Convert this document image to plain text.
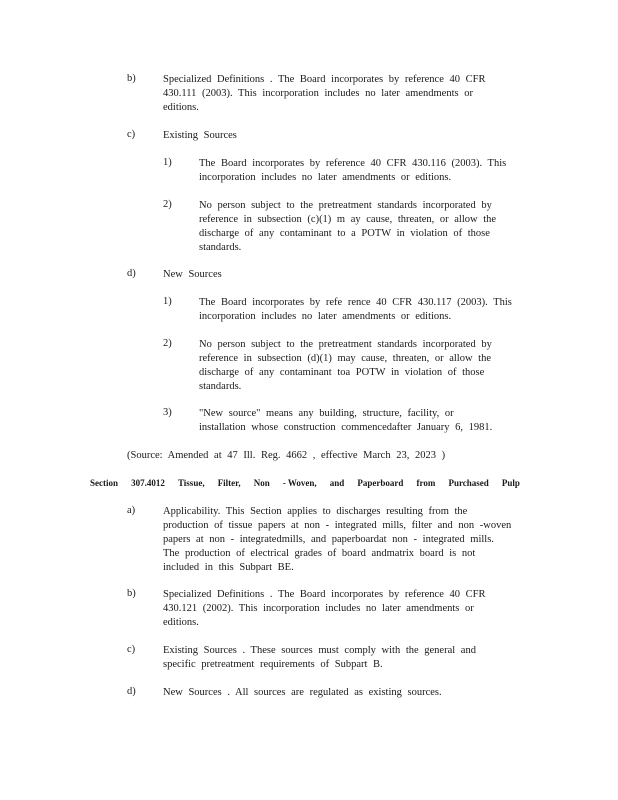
b)	Specialized Definitions . The Board incorporates by reference 40 CFR
430.111 (2003). This incorporation includes no later amendments or
editions.
c)	Existing Sources
1)	The Board incorporates by reference 40 CFR 430.116 (2003). This
incorporation includes no later amendments or editions.
2)	No person subject to the pretreatment standards incorporated by
reference in subsection (c)(1) m ay cause, threaten, or allow the
discharge of any contaminant to a POTW in violation of those
standards.
d)	New Sources
1)	The Board incorporates by refe rence 40 CFR 430.117 (2003). This
incorporation includes no later amendments or editions.
2)	No person subject to the pretreatment standards incorporated by
reference in subsection (d)(1) may cause, threaten, or allow the
discharge of any contaminant toa POTW in violation of those
standards.
3)	"New source" means any building, structure, facility, or
installation whose construction commencedafter January 6, 1981.
(Source: Amended at 47 Ill. Reg. 4662 , effective March 23, 2023 )
Section 307.4012 Tissue, Filter, Non - Woven, and Paperboard from Purchased Pulp
a)	Applicability. This Section applies to discharges resulting from the
production of tissue papers at non - integrated mills, filter and non -woven
papers at non - integratedmills, and paperboardat non - integrated mills.
The production of electrical grades of board andmatrix board is not
included in this Subpart BE.
b)	Specialized Definitions . The Board incorporates by reference 40 CFR
430.121 (2002). This incorporation includes no later amendments or
editions.
c)	Existing Sources . These sources must comply with the general and
specific pretreatment requirements of Subpart B.
d)	New Sources . All sources are regulated as existing sources.
